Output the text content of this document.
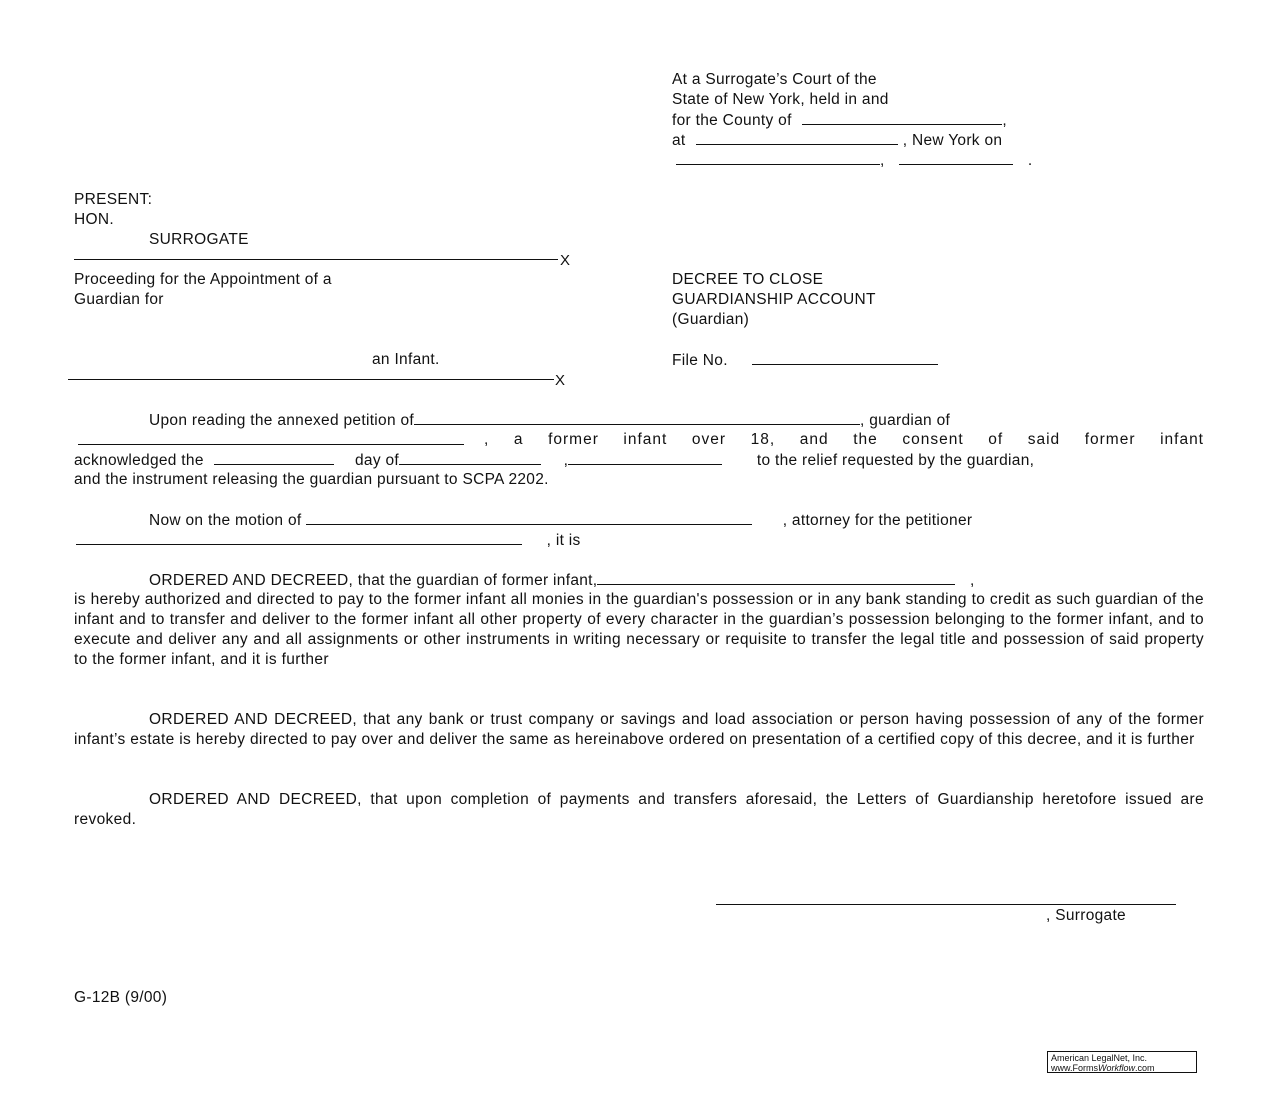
At a Surrogate’s Court of the
State of New York, held in and
for the County of	,
at	, New York on
,	.
PRESENT:
HON.
SURROGATE
X
Proceeding for the Appointment of a
Guardian for
an Infant.
X
DECREE TO CLOSE
GUARDIANSHIP ACCOUNT
(Guardian)
File No.
Upon reading the annexed petition of	, guardian of
, a former infant over 18, and the consent of said former infant
acknowledged the	day of	,	to the relief requested by the guardian,
and the instrument releasing the guardian pursuant to SCPA 2202.
Now on the motion of	, attorney for the petitioner
, it is
ORDERED AND DECREED, that the guardian of former infant,	,
is hereby authorized and directed to pay to the former infant all monies in the guardian's possession or in any bank standing to credit as such guardian of the infant and to transfer and deliver to the former infant all other property of every character in the guardian’s possession belonging to the former infant, and to execute and deliver any and all assignments or other instruments in writing necessary or requisite to transfer the legal title and possession of said property to the former infant, and it is further
ORDERED AND DECREED, that any bank or trust company or savings and load association or person having possession of any of the former infant’s estate is hereby directed to pay over and deliver the same as hereinabove ordered on presentation of a certified copy of this decree, and it is further
ORDERED AND DECREED, that upon completion of payments and transfers aforesaid, the Letters of Guardianship heretofore issued are revoked.
, Surrogate
G-12B (9/00)
American LegalNet, Inc.
www.FormsWorkflow.com
